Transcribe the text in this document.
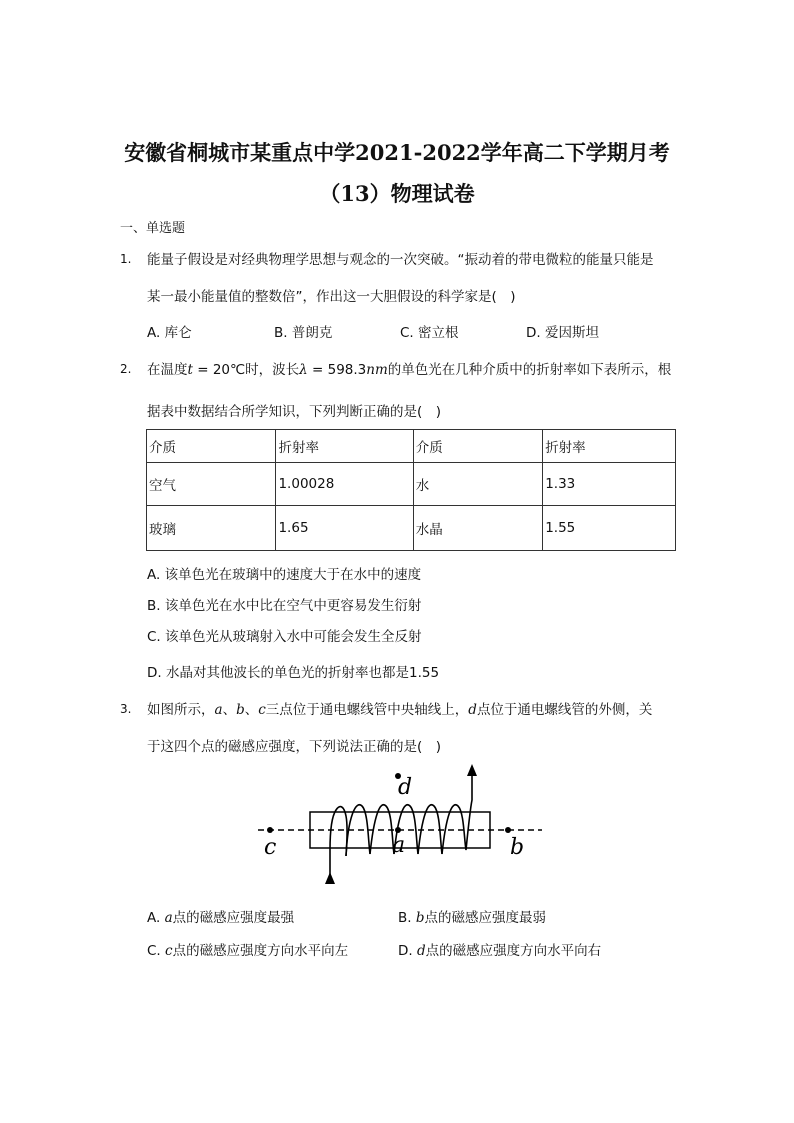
安徽省桐城市某重点中学2021-2022学年高二下学期月考
（13）物理试卷
一、单选题
1. 能量子假设是对经典物理学思想与观念的一次突破。“振动着的带电微粒的能量只能是
某一最小能量值的整数倍”，作出这一大胆假设的科学家是(　)
A. 库仑	B. 普朗克	C. 密立根	D. 爱因斯坦
2. 在温度t = 20℃时，波长λ = 598.3nm的单色光在几种介质中的折射率如下表所示，根
据表中数据结合所学知识，下列判断正确的是(　)
介质	折射率	介质	折射率
空气	1.00028	水	1.33
玻璃	1.65	水晶	1.55
A. 该单色光在玻璃中的速度大于在水中的速度
B. 该单色光在水中比在空气中更容易发生衍射
C. 该单色光从玻璃射入水中可能会发生全反射
D. 水晶对其他波长的单色光的折射率也都是1.55
3. 如图所示，a、b、c三点位于通电螺线管中央轴线上，d点位于通电螺线管的外侧，关
于这四个点的磁感应强度，下列说法正确的是(　)
d
a
c	b
A. a点的磁感应强度最强	B. b点的磁感应强度最弱
C. c点的磁感应强度方向水平向左	D. d点的磁感应强度方向水平向右
